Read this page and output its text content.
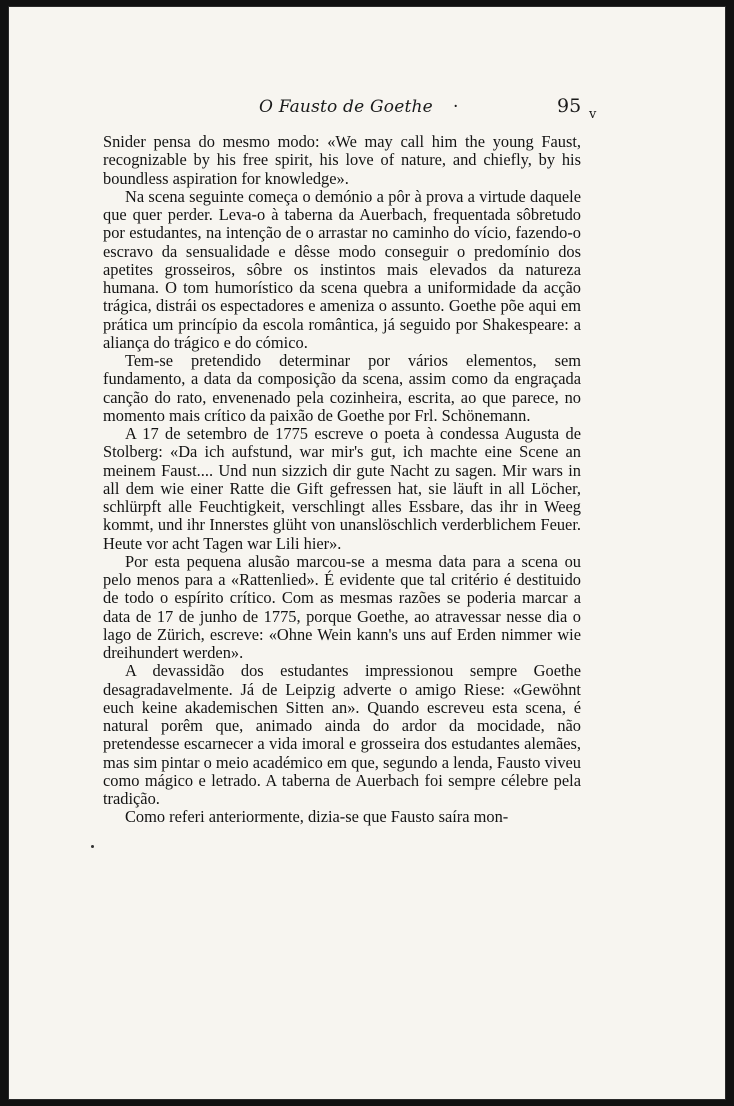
O Fausto de Goethe ·	95 v

Snider pensa do mesmo modo: «We may call him the young Faust, recognizable by his free spirit, his love of nature, and chiefly, by his boundless aspiration for knowledge».

Na scena seguinte começa o demónio a pôr à prova a virtude daquele que quer perder. Leva-o à taberna da Auerbach, frequentada sôbretudo por estudantes, na intenção de o arrastar no caminho do vício, fazendo-o escravo da sensualidade e dêsse modo conseguir o predomínio dos apetites grosseiros, sôbre os instintos mais elevados da natureza humana. O tom humorístico da scena quebra a uniformidade da acção trágica, distrái os espectadores e ameniza o assunto. Goethe põe aqui em prática um princípio da escola romântica, já seguido por Shakespeare: a aliança do trágico e do cómico.

Tem-se pretendido determinar por vários elementos, sem fundamento, a data da composição da scena, assim como da engraçada canção do rato, envenenado pela cozinheira, escrita, ao que parece, no momento mais crítico da paixão de Goethe por Frl. Schönemann.

A 17 de setembro de 1775 escreve o poeta à condessa Augusta de Stolberg: «Da ich aufstund, war mir's gut, ich machte eine Scene an meinem Faust.... Und nun sizzich dir gute Nacht zu sagen. Mir wars in all dem wie einer Ratte die Gift gefressen hat, sie läuft in all Löcher, schlürpft alle Feuchtigkeit, verschlingt alles Essbare, das ihr in Weeg kommt, und ihr Innerstes glüht von unanslöschlich verderblichem Feuer. Heute vor acht Tagen war Lili hier».

Por esta pequena alusão marcou-se a mesma data para a scena ou pelo menos para a «Rattenlied». É evidente que tal critério é destituido de todo o espírito crítico. Com as mesmas razões se poderia marcar a data de 17 de junho de 1775, porque Goethe, ao atravessar nesse dia o lago de Zürich, escreve: «Ohne Wein kann's uns auf Erden nimmer wie dreihundert werden».

A devassidão dos estudantes impressionou sempre Goethe desagradavelmente. Já de Leipzig adverte o amigo Riese: «Gewöhnt euch keine akademischen Sitten an». Quando escreveu esta scena, é natural porêm que, animado ainda do ardor da mocidade, não pretendesse escarnecer a vida imoral e grosseira dos estudantes alemães, mas sim pintar o meio académico em que, segundo a lenda, Fausto viveu como mágico e letrado. A taberna de Auerbach foi sempre célebre pela tradição.

Como referi anteriormente, dizia-se que Fausto saíra mon-
